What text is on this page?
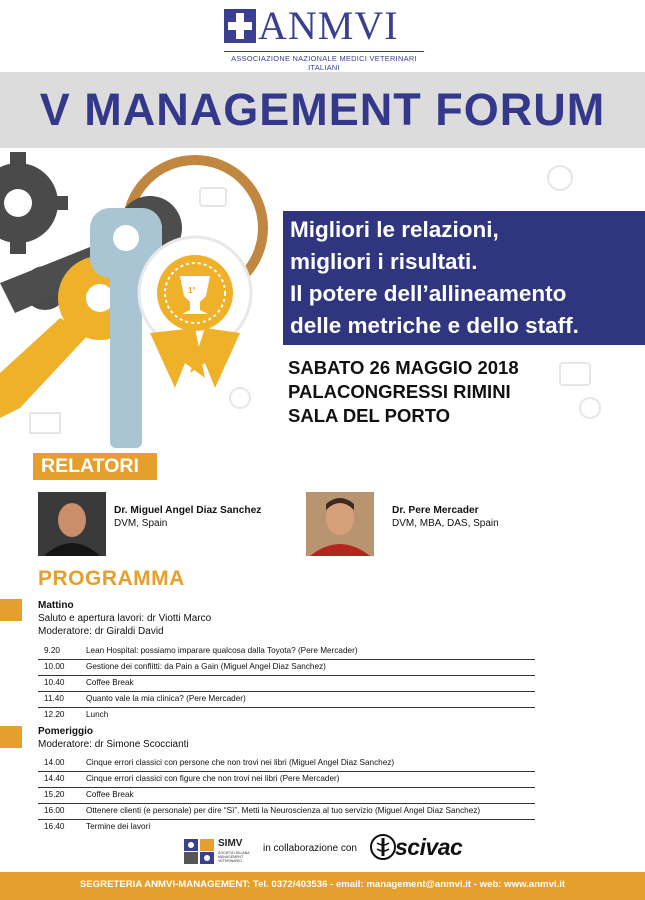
ANMVI
ASSOCIAZIONE NAZIONALE MEDICI VETERINARI ITALIANI
V MANAGEMENT FORUM
1°
Migliori le relazioni,
migliori i risultati.
Il potere dell’allineamento
delle metriche e dello staff.
SABATO 26 MAGGIO 2018
PALACONGRESSI RIMINI
SALA DEL PORTO
RELATORI
Dr. Miguel Angel Diaz Sanchez
DVM, Spain
Dr. Pere Mercader
DVM, MBA, DAS, Spain
PROGRAMMA
Mattino
Saluto e apertura lavori: dr Viotti Marco
Moderatore: dr Giraldi David
9.20	Lean Hospital: possiamo imparare qualcosa dalla Toyota? (Pere Mercader)
10.00	Gestione dei conflitti: da Pain a Gain (Miguel Angel Diaz Sanchez)
10.40	Coffee Break
11.40	Quanto vale la mia clinica? (Pere Mercader)
12.20	Lunch
Pomeriggio
Moderatore: dr Simone Scoccianti
14.00	Cinque errori classici con persone che non trovi nei libri (Miguel Angel Diaz Sanchez)
14.40	Cinque errori classici con figure che non trovi nei libri (Pere Mercader)
15.20	Coffee Break
16.00	Ottenere clienti (e personale) per dire “Sì”. Metti la Neuroscienza al tuo servizio (Miguel Angel Diaz Sanchez)
16.40	Termine dei lavori
SIMV
SOCIETÀ ITALIANA MANAGEMENT VETERINARIO
in collaborazione con scivac
SEGRETERIA ANMVI-MANAGEMENT: Tel. 0372/403536 - email: management@anmvi.it - web: www.anmvi.it
